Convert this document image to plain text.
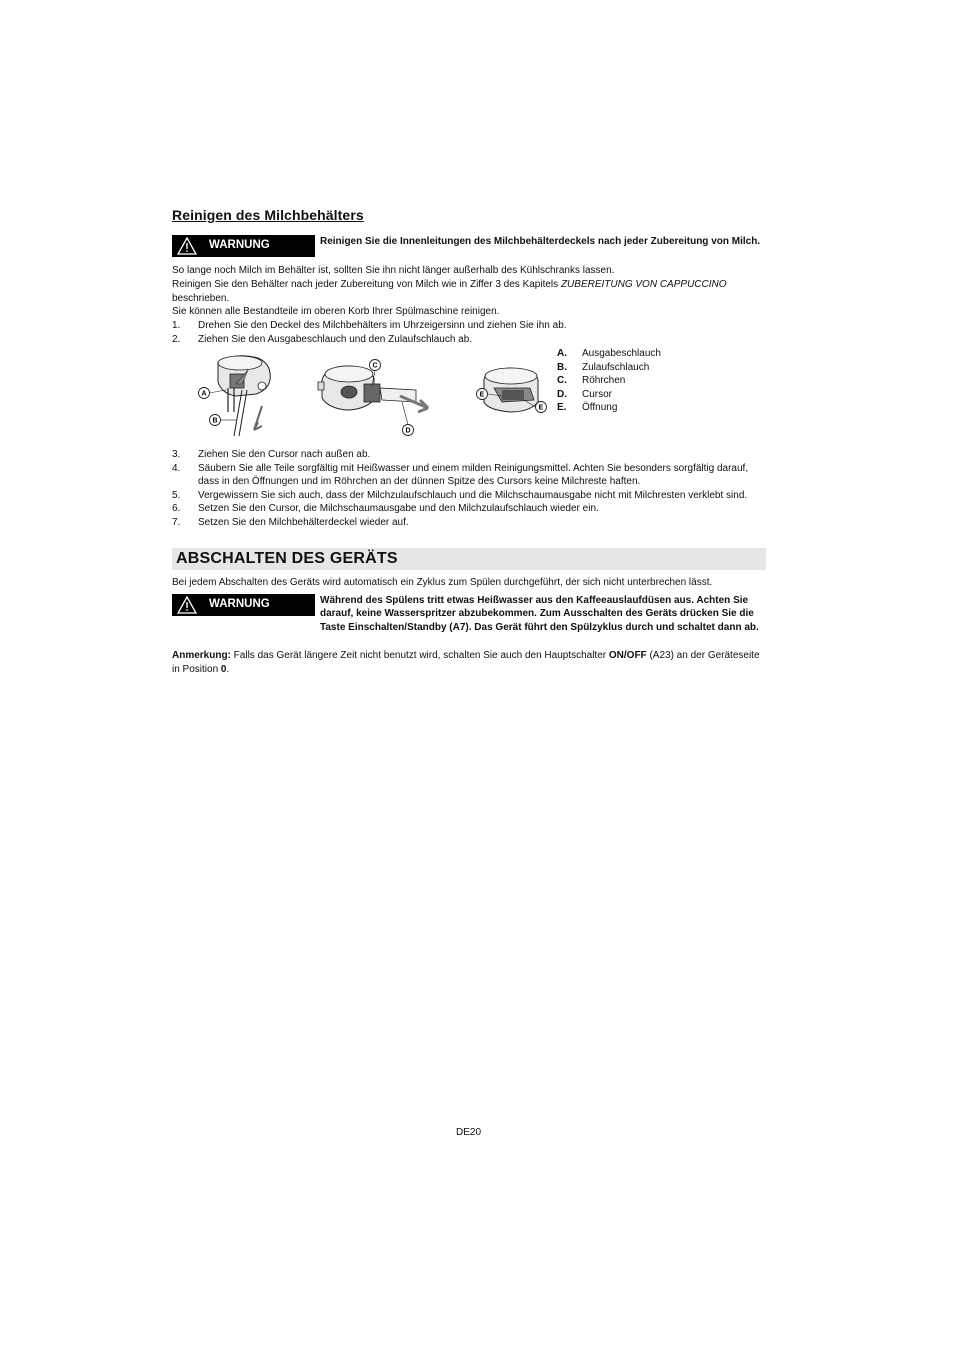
Reinigen des Milchbehälters
WARNUNG	Reinigen Sie die Innenleitungen des Milchbehälterdeckels nach jeder Zubereitung von Milch.
So lange noch Milch im Behälter ist, sollten Sie ihn nicht länger außerhalb des Kühlschranks lassen.
Reinigen Sie den Behälter nach jeder Zubereitung von Milch wie in Ziffer 3 des Kapitels ZUBEREITUNG VON CAPPUCCINO beschrieben.
Sie können alle Bestandteile im oberen Korb Ihrer Spülmaschine reinigen.
1. Drehen Sie den Deckel des Milchbehälters im Uhrzeigersinn und ziehen Sie ihn ab.
2. Ziehen Sie den Ausgabeschlauch und den Zulaufschlauch ab.
A
B
C
D
E
E
A. Ausgabeschlauch
B. Zulaufschlauch
C. Röhrchen
D. Cursor
E. Öffnung
3. Ziehen Sie den Cursor nach außen ab.
4. Säubern Sie alle Teile sorgfältig mit Heißwasser und einem milden Reinigungsmittel. Achten Sie besonders sorgfältig darauf, dass in den Öffnungen und im Röhrchen an der dünnen Spitze des Cursors keine Milchreste haften.
5. Vergewissern Sie sich auch, dass der Milchzulaufschlauch und die Milchschaumausgabe nicht mit Milchresten verklebt sind.
6. Setzen Sie den Cursor, die Milchschaumausgabe und den Milchzulaufschlauch wieder ein.
7. Setzen Sie den Milchbehälterdeckel wieder auf.
ABSCHALTEN DES GERÄTS
Bei jedem Abschalten des Geräts wird automatisch ein Zyklus zum Spülen durchgeführt, der sich nicht unterbrechen lässt.
WARNUNG	Während des Spülens tritt etwas Heißwasser aus den Kaffeeauslaufdüsen aus. Achten Sie darauf, keine Wasserspritzer abzubekommen. Zum Ausschalten des Geräts drücken Sie die Taste Einschalten/Standby (A7). Das Gerät führt den Spülzyklus durch und schaltet dann ab.
Anmerkung: Falls das Gerät längere Zeit nicht benutzt wird, schalten Sie auch den Hauptschalter ON/OFF (A23) an der Geräteseite in Position 0.
DE20
